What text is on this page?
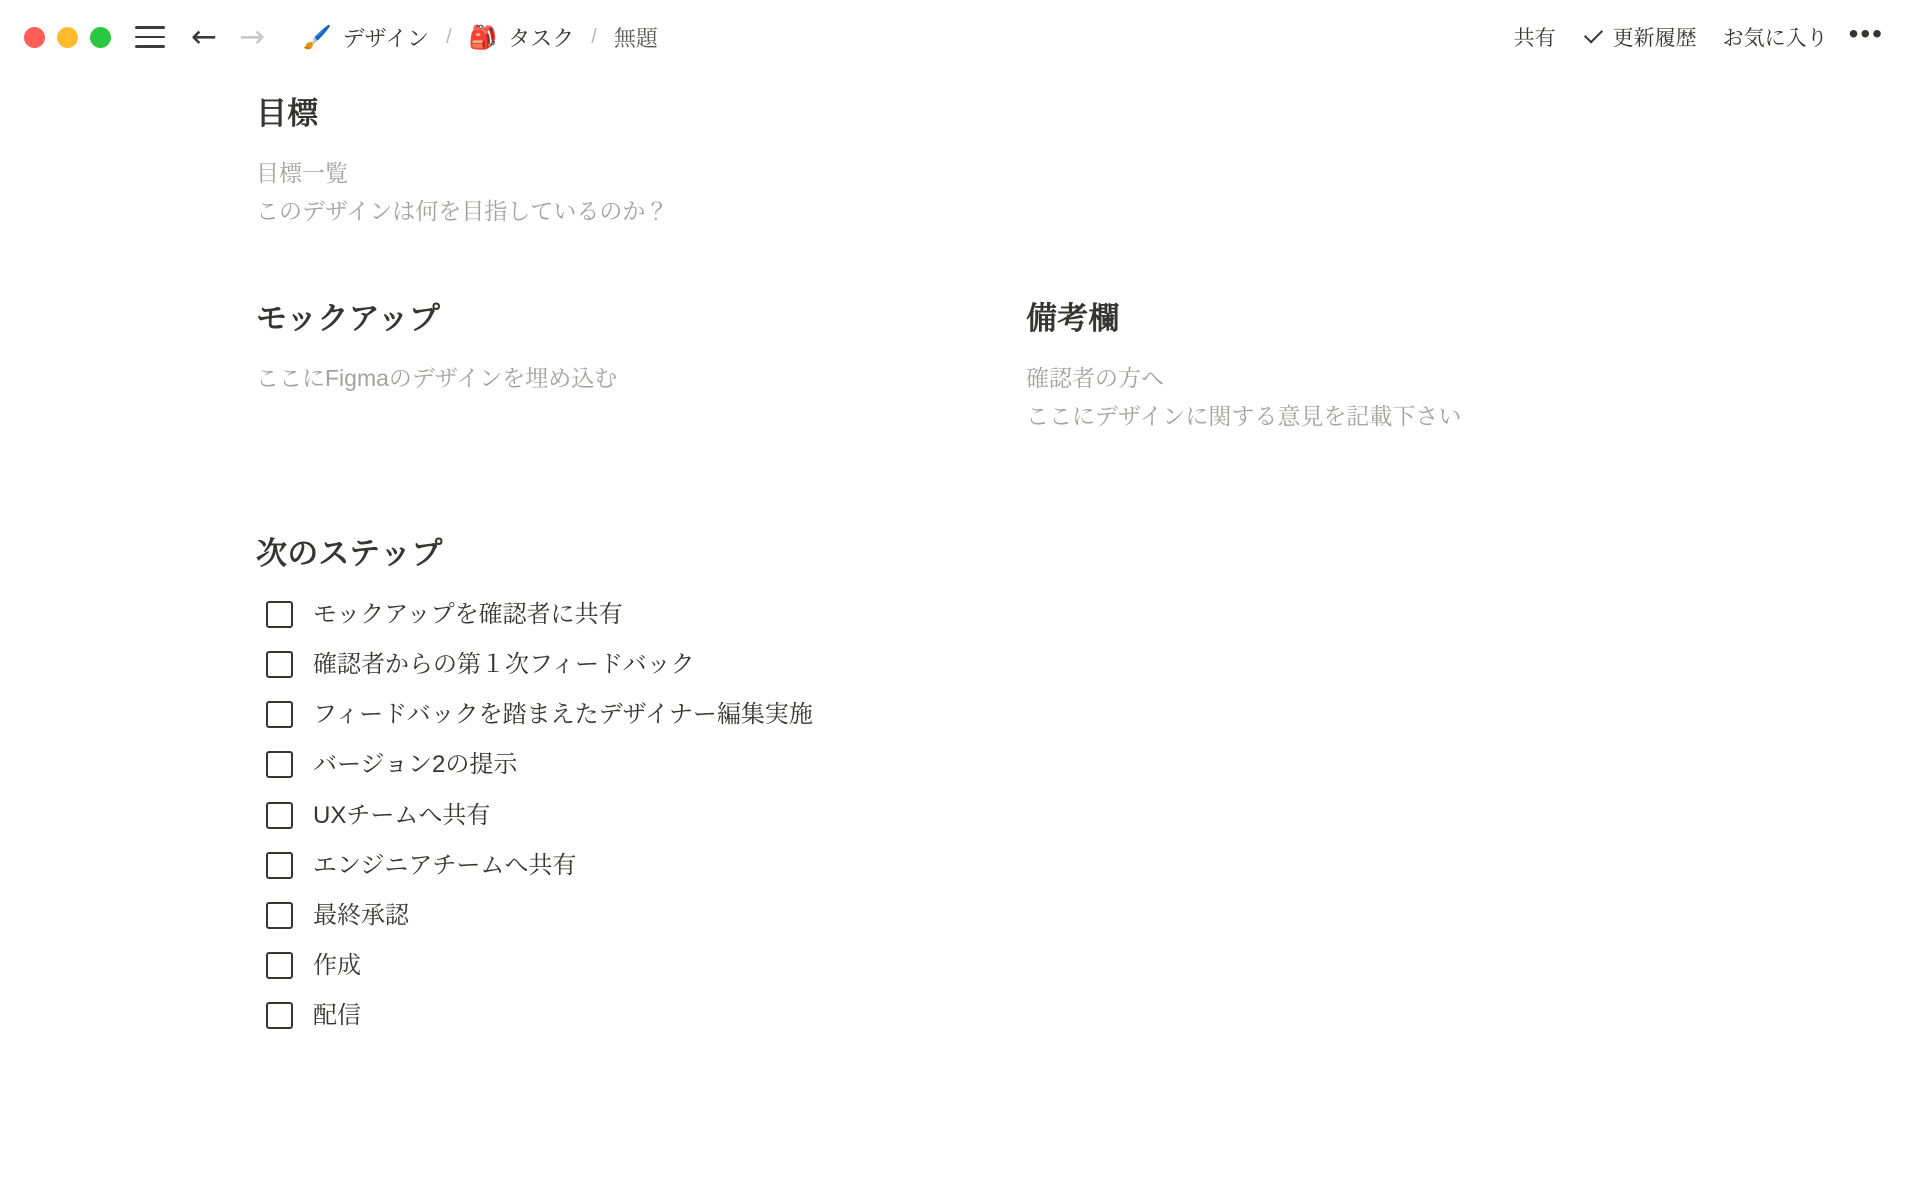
← → 🖌️ デザイン / 🎒 タスク / 無題	共有	更新履歴 お気に入り •••
目標

目標一覧

このデザインは何を目指しているのか？

モックアップ

ここにFigmaのデザインを埋め込む

備考欄

確認者の方へ

ここにデザインに関する意見を記載下さい

次のステップ
モックアップを確認者に共有
確認者からの第１次フィードバック
フィードバックを踏まえたデザイナー編集実施
バージョン2の提示
UXチームへ共有
エンジニアチームへ共有
最終承認
作成
配信
